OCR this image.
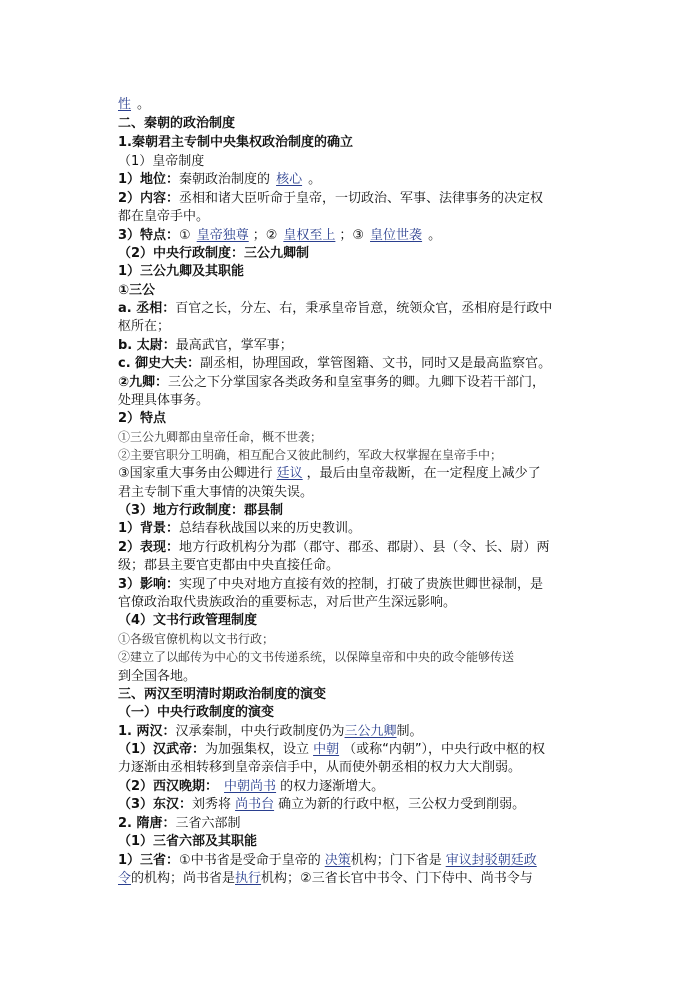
性 。
二、秦朝的政治制度
1.秦朝君主专制中央集权政治制度的确立
（1）皇帝制度
1）地位：秦朝政治制度的 核心 。
2）内容：丞相和诸大臣听命于皇帝，一切政治、军事、法律事务的决定权
都在皇帝手中。
3）特点：① 皇帝独尊 ；② 皇权至上 ；③ 皇位世袭 。
（2）中央行政制度：三公九卿制
1）三公九卿及其职能
①三公
a. 丞相：百官之长，分左、右，秉承皇帝旨意，统领众官，丞相府是行政中
枢所在；
b. 太尉：最高武官，掌军事；
c. 御史大夫：副丞相，协理国政，掌管图籍、文书，同时又是最高监察官。
②九卿：三公之下分掌国家各类政务和皇室事务的卿。九卿下设若干部门，
处理具体事务。
2）特点
①三公九卿都由皇帝任命，概不世袭；
②主要官职分工明确，相互配合又彼此制约，军政大权掌握在皇帝手中；
③国家重大事务由公卿进行 廷议 ，最后由皇帝裁断，在一定程度上减少了
君主专制下重大事情的决策失误。
（3）地方行政制度：郡县制
1）背景：总结春秋战国以来的历史教训。
2）表现：地方行政机构分为郡（郡守、郡丞、郡尉）、县（令、长、尉）两
级；郡县主要官吏都由中央直接任命。
3）影响：实现了中央对地方直接有效的控制，打破了贵族世卿世禄制，是
官僚政治取代贵族政治的重要标志，对后世产生深远影响。
（4）文书行政管理制度
①各级官僚机构以文书行政；
②建立了以邮传为中心的文书传递系统，以保障皇帝和中央的政令能够传送
到全国各地。
三、两汉至明清时期政治制度的演变
（一）中央行政制度的演变
1. 两汉：汉承秦制，中央行政制度仍为三公九卿制。
（1）汉武帝：为加强集权，设立 中朝 （或称“内朝”），中央行政中枢的权
力逐渐由丞相转移到皇帝亲信手中，从而使外朝丞相的权力大大削弱。
（2）西汉晚期： 中朝尚书 的权力逐渐增大。
（3）东汉：刘秀将 尚书台 确立为新的行政中枢，三公权力受到削弱。
2. 隋唐：三省六部制
（1）三省六部及其职能
1）三省：①中书省是受命于皇帝的 决策机构；门下省是 审议封驳朝廷政
令的机构；尚书省是执行机构；②三省长官中书令、门下侍中、尚书令与
